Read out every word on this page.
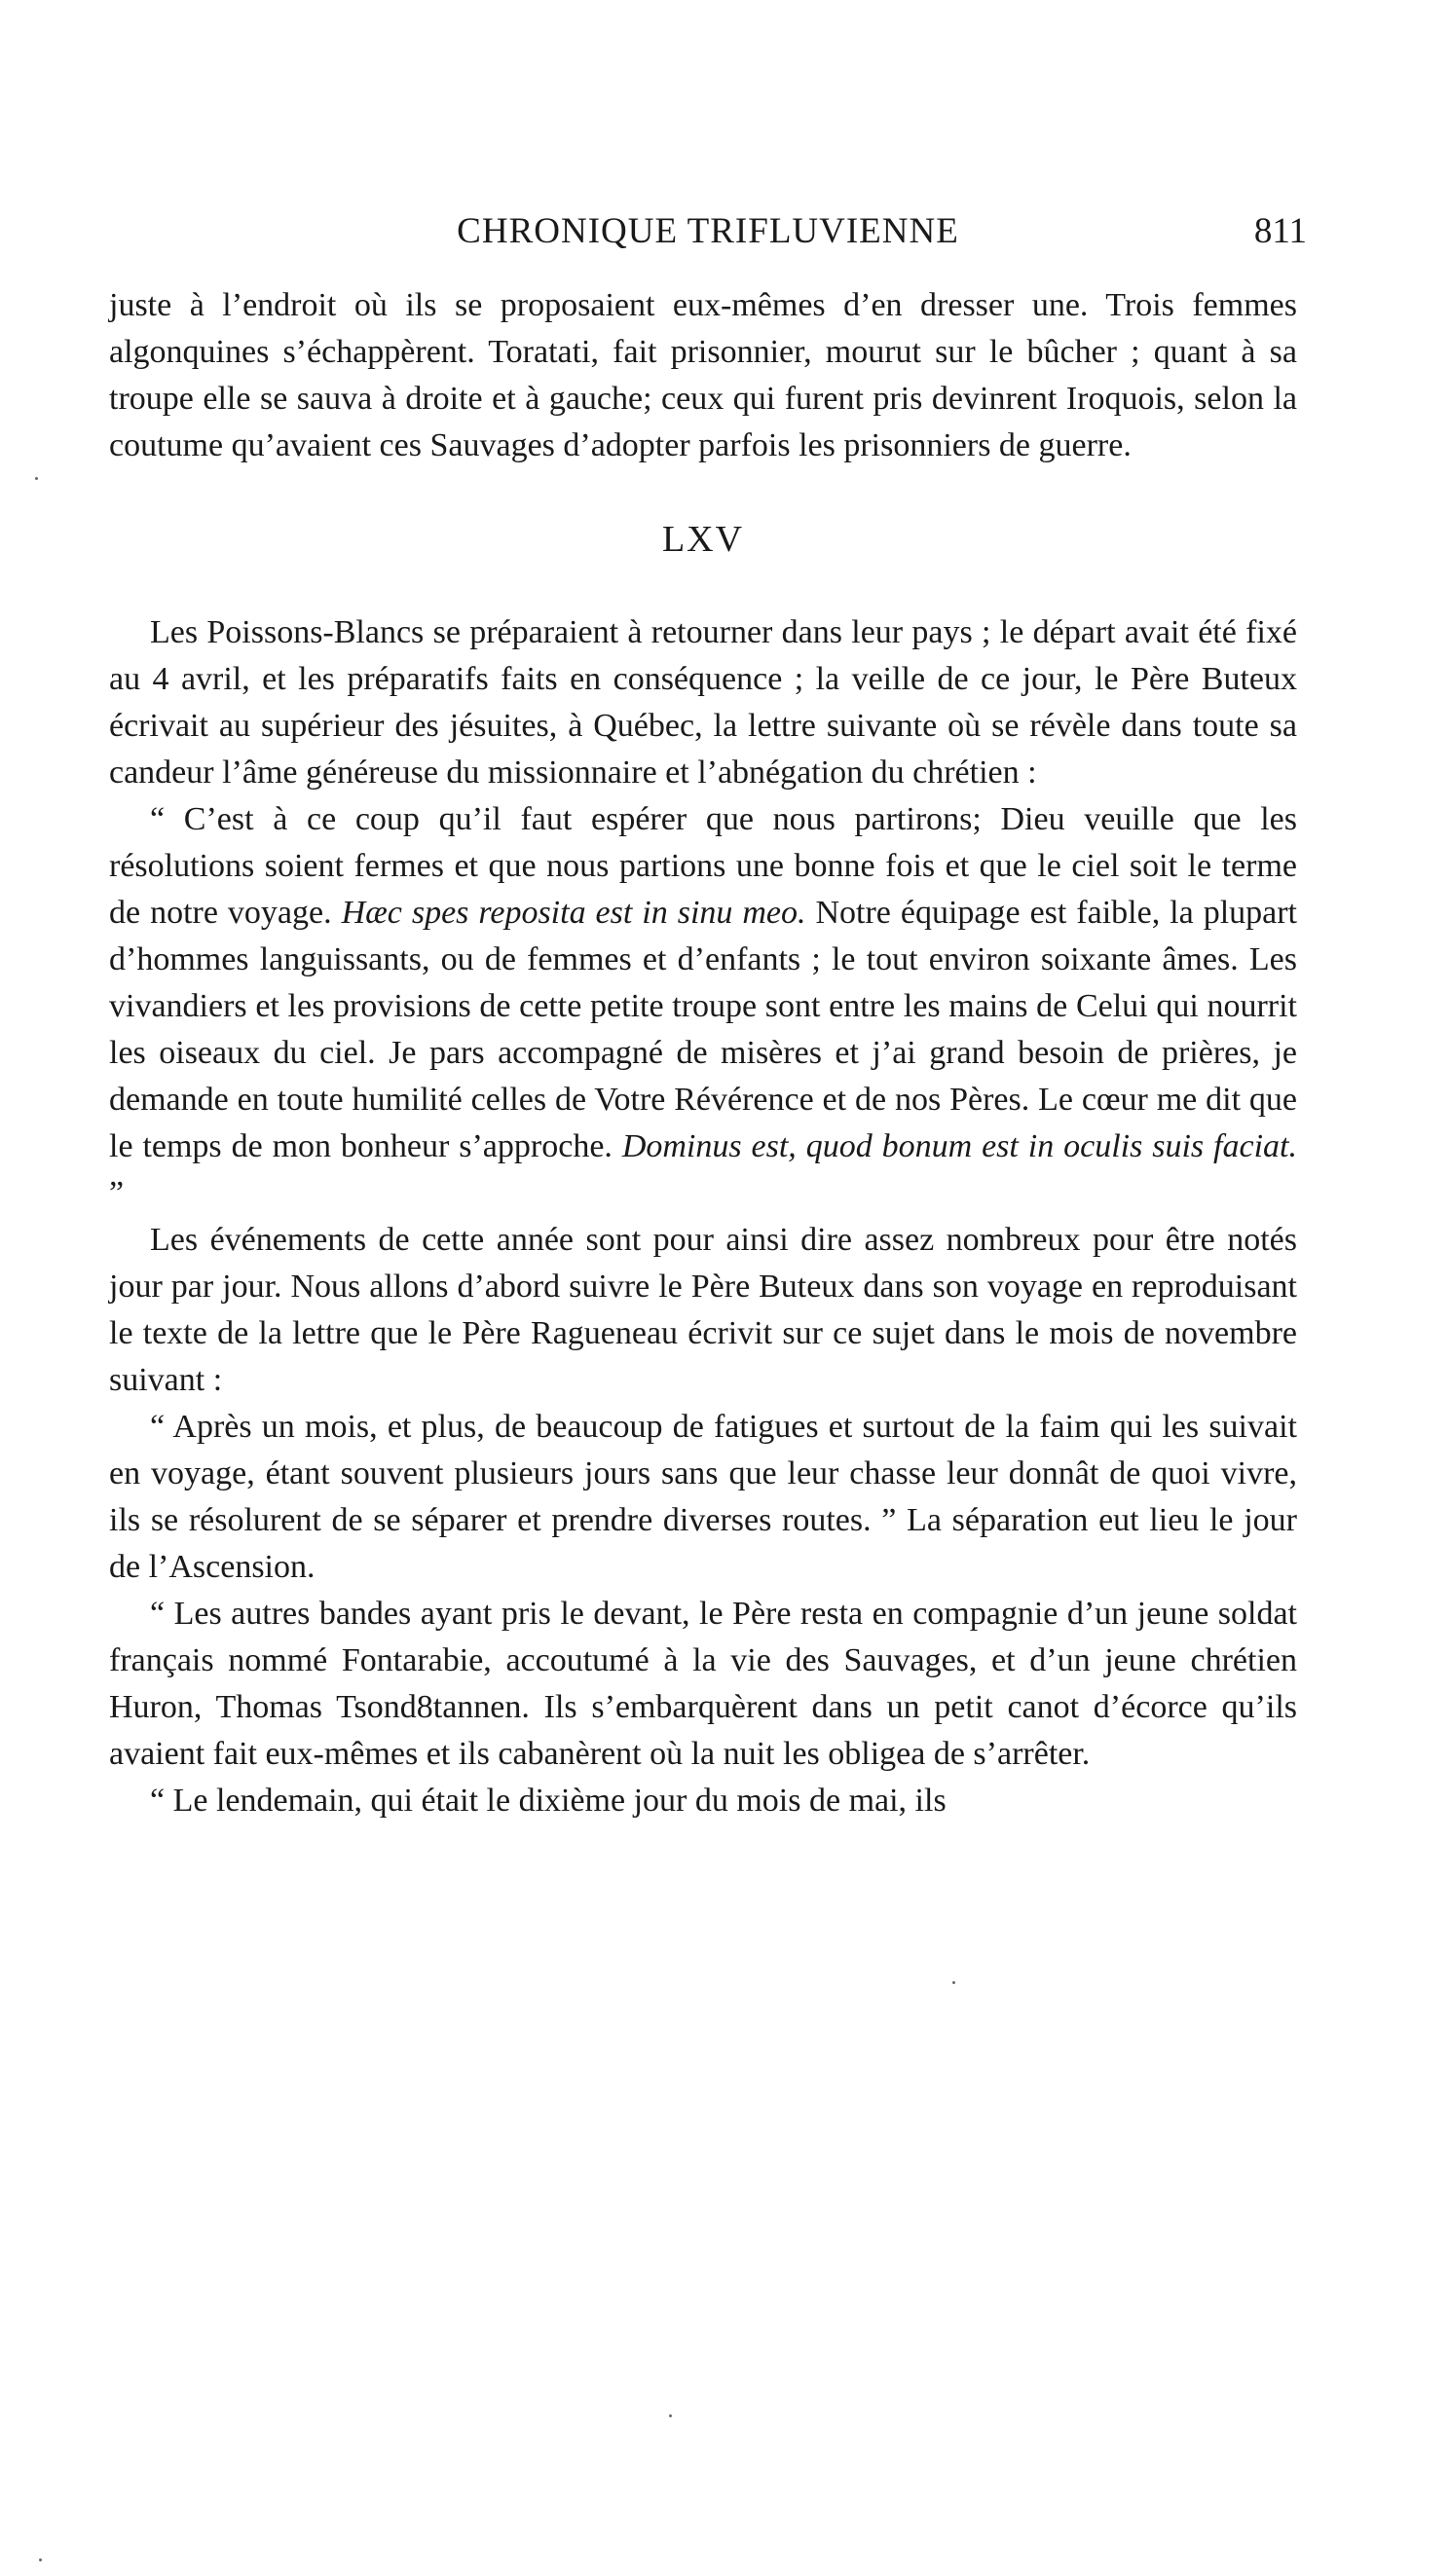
CHRONIQUE TRIFLUVIENNE	811

juste à l’endroit où ils se proposaient eux-mêmes d’en dresser une. Trois femmes algonquines s’échappèrent. Toratati, fait prisonnier, mourut sur le bûcher ; quant à sa troupe elle se sauva à droite et à gauche; ceux qui furent pris devinrent Iroquois, selon la coutume qu’avaient ces Sauvages d’adopter parfois les prisonniers de guerre.

LXV

Les Poissons-Blancs se préparaient à retourner dans leur pays ; le départ avait été fixé au 4 avril, et les préparatifs faits en conséquence ; la veille de ce jour, le Père Buteux écrivait au supérieur des jésuites, à Québec, la lettre suivante où se révèle dans toute sa candeur l’âme généreuse du missionnaire et l’abnégation du chrétien :

“ C’est à ce coup qu’il faut espérer que nous partirons; Dieu veuille que les résolutions soient fermes et que nous partions une bonne fois et que le ciel soit le terme de notre voyage. Hæc spes reposita est in sinu meo. Notre équipage est faible, la plupart d’hommes languissants, ou de femmes et d’enfants ; le tout environ soixante âmes. Les vivandiers et les provisions de cette petite troupe sont entre les mains de Celui qui nourrit les oiseaux du ciel. Je pars accompagné de misères et j’ai grand besoin de prières, je demande en toute humilité celles de Votre Révérence et de nos Pères. Le cœur me dit que le temps de mon bonheur s’approche. Dominus est, quod bonum est in oculis suis faciat. ”

Les événements de cette année sont pour ainsi dire assez nombreux pour être notés jour par jour. Nous allons d’abord suivre le Père Buteux dans son voyage en reproduisant le texte de la lettre que le Père Ragueneau écrivit sur ce sujet dans le mois de novembre suivant :

“ Après un mois, et plus, de beaucoup de fatigues et surtout de la faim qui les suivait en voyage, étant souvent plusieurs jours sans que leur chasse leur donnât de quoi vivre, ils se résolurent de se séparer et prendre diverses routes. ” La séparation eut lieu le jour de l’Ascension.

“ Les autres bandes ayant pris le devant, le Père resta en compagnie d’un jeune soldat français nommé Fontarabie, accoutumé à la vie des Sauvages, et d’un jeune chrétien Huron, Thomas Tsond8tannen. Ils s’embarquèrent dans un petit canot d’écorce qu’ils avaient fait eux-mêmes et ils cabanèrent où la nuit les obligea de s’arrêter.

“ Le lendemain, qui était le dixième jour du mois de mai, ils
